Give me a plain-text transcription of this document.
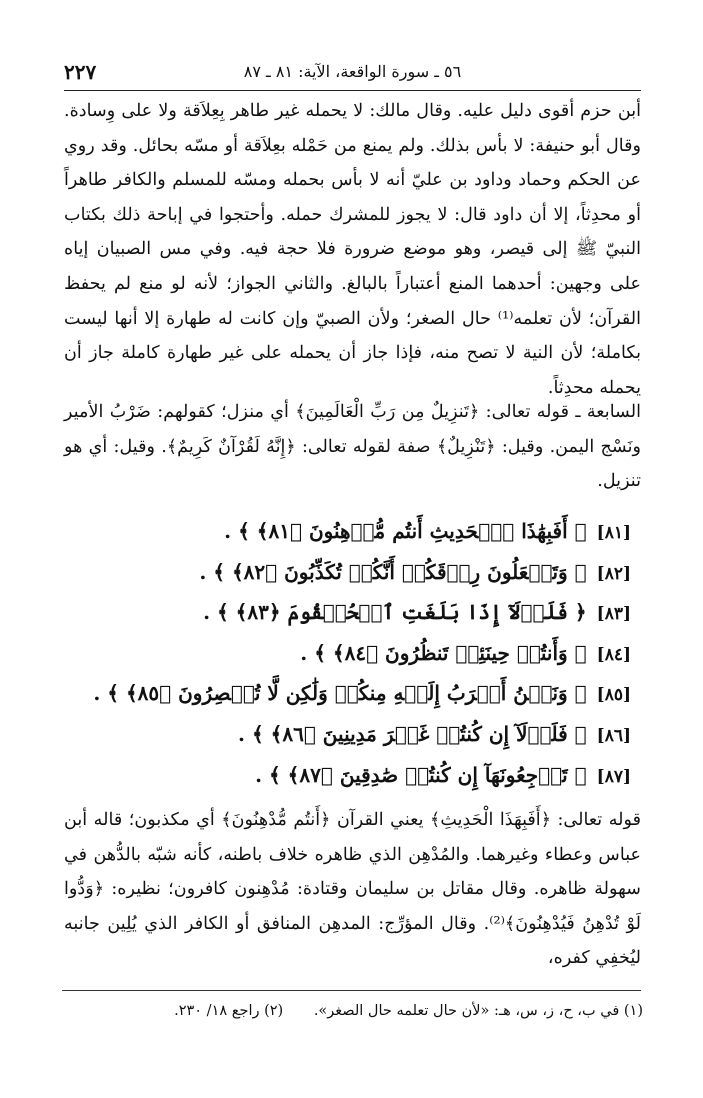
٢٢٧	٥٦ ـ سورة الواقعة، الآية: ٨١ ـ ٨٧
أبن حزم أقوى دليل عليه. وقال مالك: لا يحمله غير طاهر بِعِلاَقة ولا على وِسادة. وقال أبو حنيفة: لا بأس بذلك. ولم يمنع من حَمْله بعِلاَقة أو مسّه بحائل. وقد روي عن الحكم وحماد وداود بن عليّ أنه لا بأس بحمله ومسّه للمسلم والكافر طاهراً أو محدِثاً، إلا أن داود قال: لا يجوز للمشرك حمله. وأحتجوا في إباحة ذلك بكتاب النبيّ ﷺ إلى قيصر، وهو موضع ضرورة فلا حجة فيه. وفي مس الصبيان إياه على وجهين: أحدهما المنع أعتباراً بالبالغ. والثاني الجواز؛ لأنه لو منع لم يحفظ القرآن؛ لأن تعلمه⁽¹⁾ حال الصغر؛ ولأن الصبيّ وإن كانت له طهارة إلا أنها ليست بكاملة؛ لأن النية لا تصح منه، فإذا جاز أن يحمله على غير طهارة كاملة جاز أن يحمله محدِثاً.
السابعة ـ قوله تعالى: ﴿تَنزِيلٌ مِن رَبِّ الْعَالَمِينَ﴾ أي منزل؛ كقولهم: ضَرْبُ الأمير ونَسْج اليمن. وقيل: ﴿تَنْزِيلٌ﴾ صفة لقوله تعالى: ﴿إِنَّهُ لَقُرْآنٌ كَرِيمٌ﴾. وقيل: أي هو تنزيل.
[٨١] ﴿ أَفَبِهَٰذَا ٱلۡحَدِيثِ أَنتُم مُّدۡهِنُونَ ﴿٨١﴾ ﴾ .
[٨٢] ﴿ وَتَجۡعَلُونَ رِزۡقَكُمۡ أَنَّكُمۡ تُكَذِّبُونَ ﴿٨٢﴾ ﴾ .
[٨٣] ﴿ فَلَوۡلَآ إِذَا بَلَغَتِ ٱلۡحُلۡقُومَ ﴿٨٣﴾ ﴾ .
[٨٤] ﴿ وَأَنتُمۡ حِينَئِذٖ تَنظُرُونَ ﴿٨٤﴾ ﴾ .
[٨٥] ﴿ وَنَحۡنُ أَقۡرَبُ إِلَيۡهِ مِنكُمۡ وَلَٰكِن لَّا تُبۡصِرُونَ ﴿٨٥﴾ ﴾ .
[٨٦] ﴿ فَلَوۡلَآ إِن كُنتُمۡ غَيۡرَ مَدِينِينَ ﴿٨٦﴾ ﴾ .
[٨٧] ﴿ تَرۡجِعُونَهَآ إِن كُنتُمۡ صَٰدِقِينَ ﴿٨٧﴾ ﴾ .
قوله تعالى: ﴿أَفَبِهَذَا الْحَدِيثِ﴾ يعني القرآن ﴿أَنتُم مُّدْهِنُونَ﴾ أي مكذبون؛ قاله أبن عباس وعطاء وغيرهما. والمُدْهِن الذي ظاهره خلاف باطنه، كأنه شبّه بالدُّهن في سهولة ظاهره. وقال مقاتل بن سليمان وقتادة: مُدْهِنون كافرون؛ نظيره: ﴿وَدُّوا لَوْ تُدْهِنُ فَيُدْهِنُونَ﴾⁽²⁾. وقال المؤرِّج: المدهِن المنافق أو الكافر الذي يُلِين جانبه ليُخفِي كفره،
(١) في ب، ح، ز، س، هـ: «لأن حال تعلمه حال الصغر». (٢) راجع ١٨/ ٢٣٠.
